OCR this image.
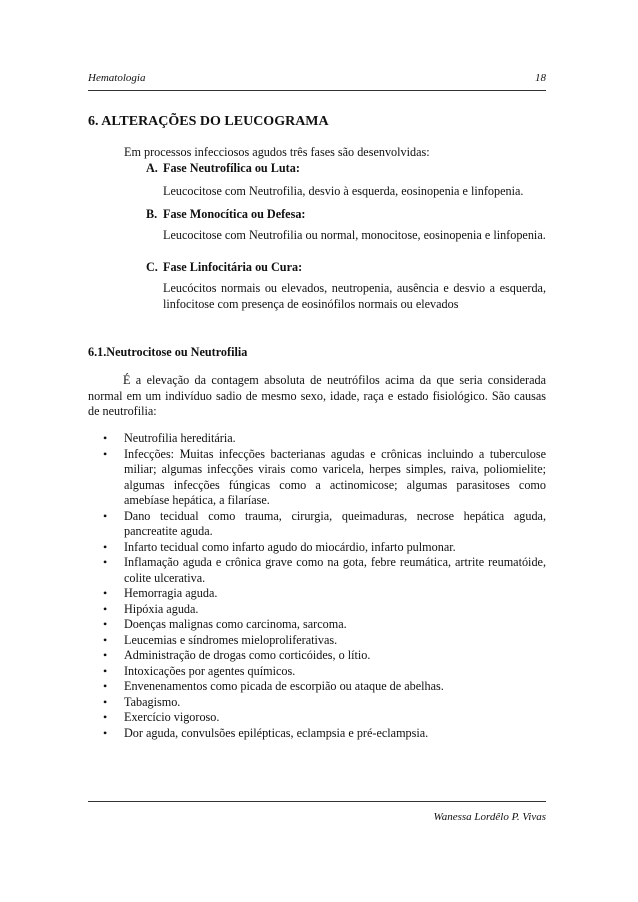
Hematologia	18
6. ALTERAÇÕES DO LEUCOGRAMA
Em processos infecciosos agudos três fases são desenvolvidas:
A. Fase Neutrofílica ou Luta:
Leucocitose com Neutrofilia, desvio à esquerda, eosinopenia e linfopenia.
B. Fase Monocítica ou Defesa:
Leucocitose com Neutrofilia ou normal, monocitose, eosinopenia e linfopenia.
C. Fase Linfocitária ou Cura:
Leucócitos normais ou elevados, neutropenia, ausência e desvio a esquerda, linfocitose com presença de eosinófilos normais ou elevados
6.1.Neutrocitose ou Neutrofilia
É a elevação da contagem absoluta de neutrófilos acima da que seria considerada normal em um indivíduo sadio de mesmo sexo, idade, raça e estado fisiológico. São causas de neutrofilia:
• Neutrofilia hereditária.
• Infecções: Muitas infecções bacterianas agudas e crônicas incluindo a tuberculose miliar; algumas infecções virais como varicela, herpes simples, raiva, poliomielite; algumas infecções fúngicas como a actinomicose; algumas parasitoses como amebíase hepática, a filaríase.
• Dano tecidual como trauma, cirurgia, queimaduras, necrose hepática aguda, pancreatite aguda.
• Infarto tecidual como infarto agudo do miocárdio, infarto pulmonar.
• Inflamação aguda e crônica grave como na gota, febre reumática, artrite reumatóide, colite ulcerativa.
• Hemorragia aguda.
• Hipóxia aguda.
• Doenças malignas como carcinoma, sarcoma.
• Leucemias e síndromes mieloproliferativas.
• Administração de drogas como corticóides, o lítio.
• Intoxicações por agentes químicos.
• Envenenamentos como picada de escorpião ou ataque de abelhas.
• Tabagismo.
• Exercício vigoroso.
• Dor aguda, convulsões epilépticas, eclampsia e pré-eclampsia.
Wanessa Lordêlo P. Vivas
